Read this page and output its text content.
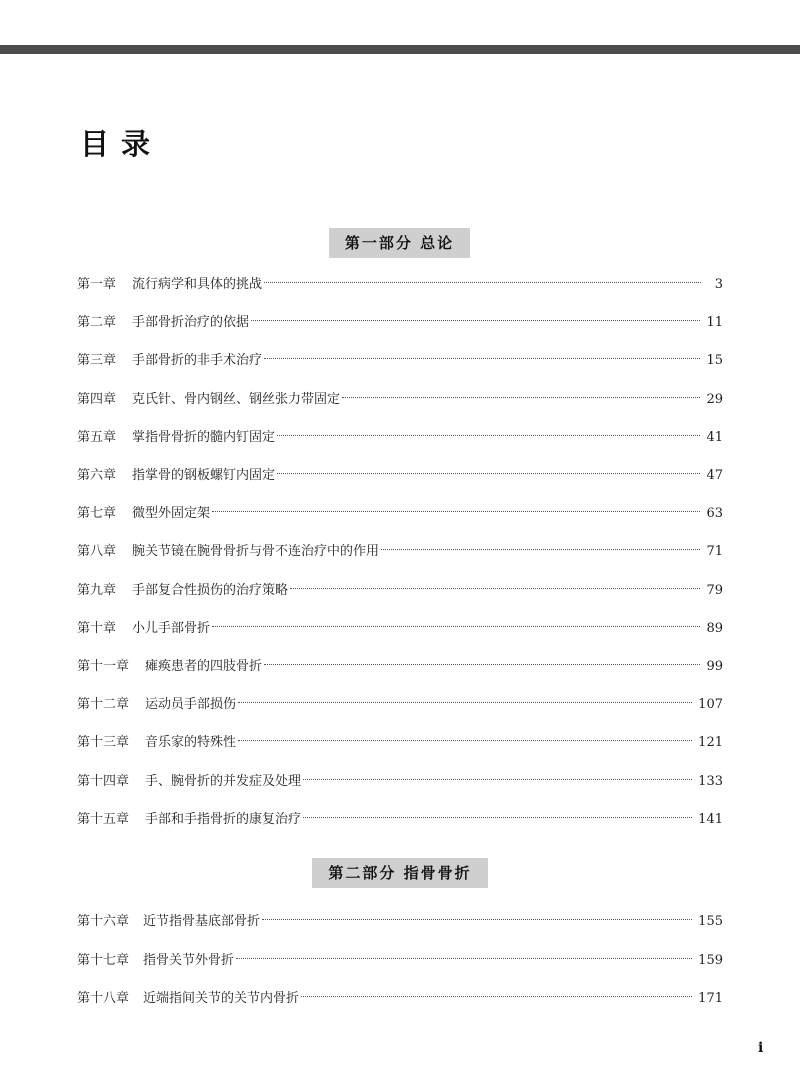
目录
第一部分 总论
第一章 流行病学和具体的挑战	3
第二章 手部骨折治疗的依据	11
第三章 手部骨折的非手术治疗	15
第四章 克氏针、骨内钢丝、钢丝张力带固定	29
第五章 掌指骨骨折的髓内钉固定	41
第六章 指掌骨的钢板螺钉内固定	47
第七章 微型外固定架	63
第八章 腕关节镜在腕骨骨折与骨不连治疗中的作用	71
第九章 手部复合性损伤的治疗策略	79
第十章 小儿手部骨折	89
第十一章 瘫痪患者的四肢骨折	99
第十二章 运动员手部损伤	107
第十三章 音乐家的特殊性	121
第十四章 手、腕骨折的并发症及处理	133
第十五章 手部和手指骨折的康复治疗	141
第二部分 指骨骨折
第十六章 近节指骨基底部骨折	155
第十七章 指骨关节外骨折	159
第十八章 近端指间关节的关节内骨折	171
i
